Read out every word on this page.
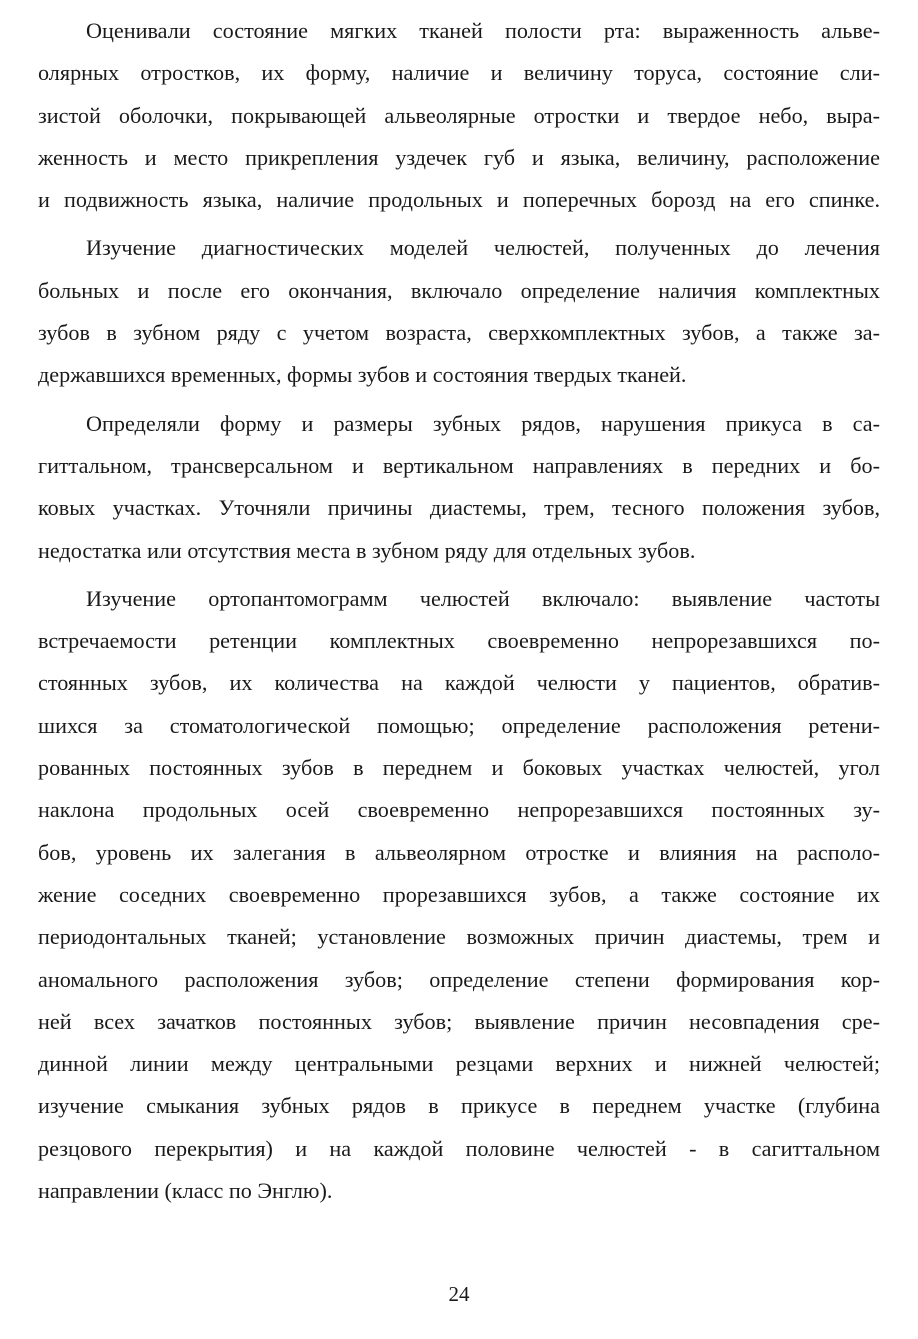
Оценивали состояние мягких тканей полости рта: выраженность альве-
олярных отростков, их форму, наличие и величину торуса, состояние сли-
зистой оболочки, покрывающей альвеолярные отростки и твердое небо, выра-
женность и место прикрепления уздечек губ и языка, величину, расположение
и подвижность языка, наличие продольных и поперечных борозд на его спинке.

Изучение диагностических моделей челюстей, полученных до лечения
больных и после его окончания, включало определение наличия комплектных
зубов в зубном ряду с учетом возраста, сверхкомплектных зубов, а также за-
державшихся временных, формы зубов и состояния твердых тканей.

Определяли форму и размеры зубных рядов, нарушения прикуса в са-
гиттальном, трансверсальном и вертикальном направлениях в передних и бо-
ковых участках. Уточняли причины диастемы, трем, тесного положения зубов,
недостатка или отсутствия места в зубном ряду для отдельных зубов.

Изучение ортопантомограмм челюстей включало: выявление частоты
встречаемости ретенции комплектных своевременно непрорезавшихся по-
стоянных зубов, их количества на каждой челюсти у пациентов, обратив-
шихся за стоматологической помощью; определение расположения ретени-
рованных постоянных зубов в переднем и боковых участках челюстей, угол
наклона продольных осей своевременно непрорезавшихся постоянных зу-
бов, уровень их залегания в альвеолярном отростке и влияния на располо-
жение соседних своевременно прорезавшихся зубов, а также состояние их
периодонтальных тканей; установление возможных причин диастемы, трем и
аномального расположения зубов; определение степени формирования кор-
ней всех зачатков постоянных зубов; выявление причин несовпадения сре-
динной линии между центральными резцами верхних и нижней челюстей;
изучение смыкания зубных рядов в прикусе в переднем участке (глубина
резцового перекрытия) и на каждой половине челюстей - в сагиттальном
направлении (класс по Энглю).

24
